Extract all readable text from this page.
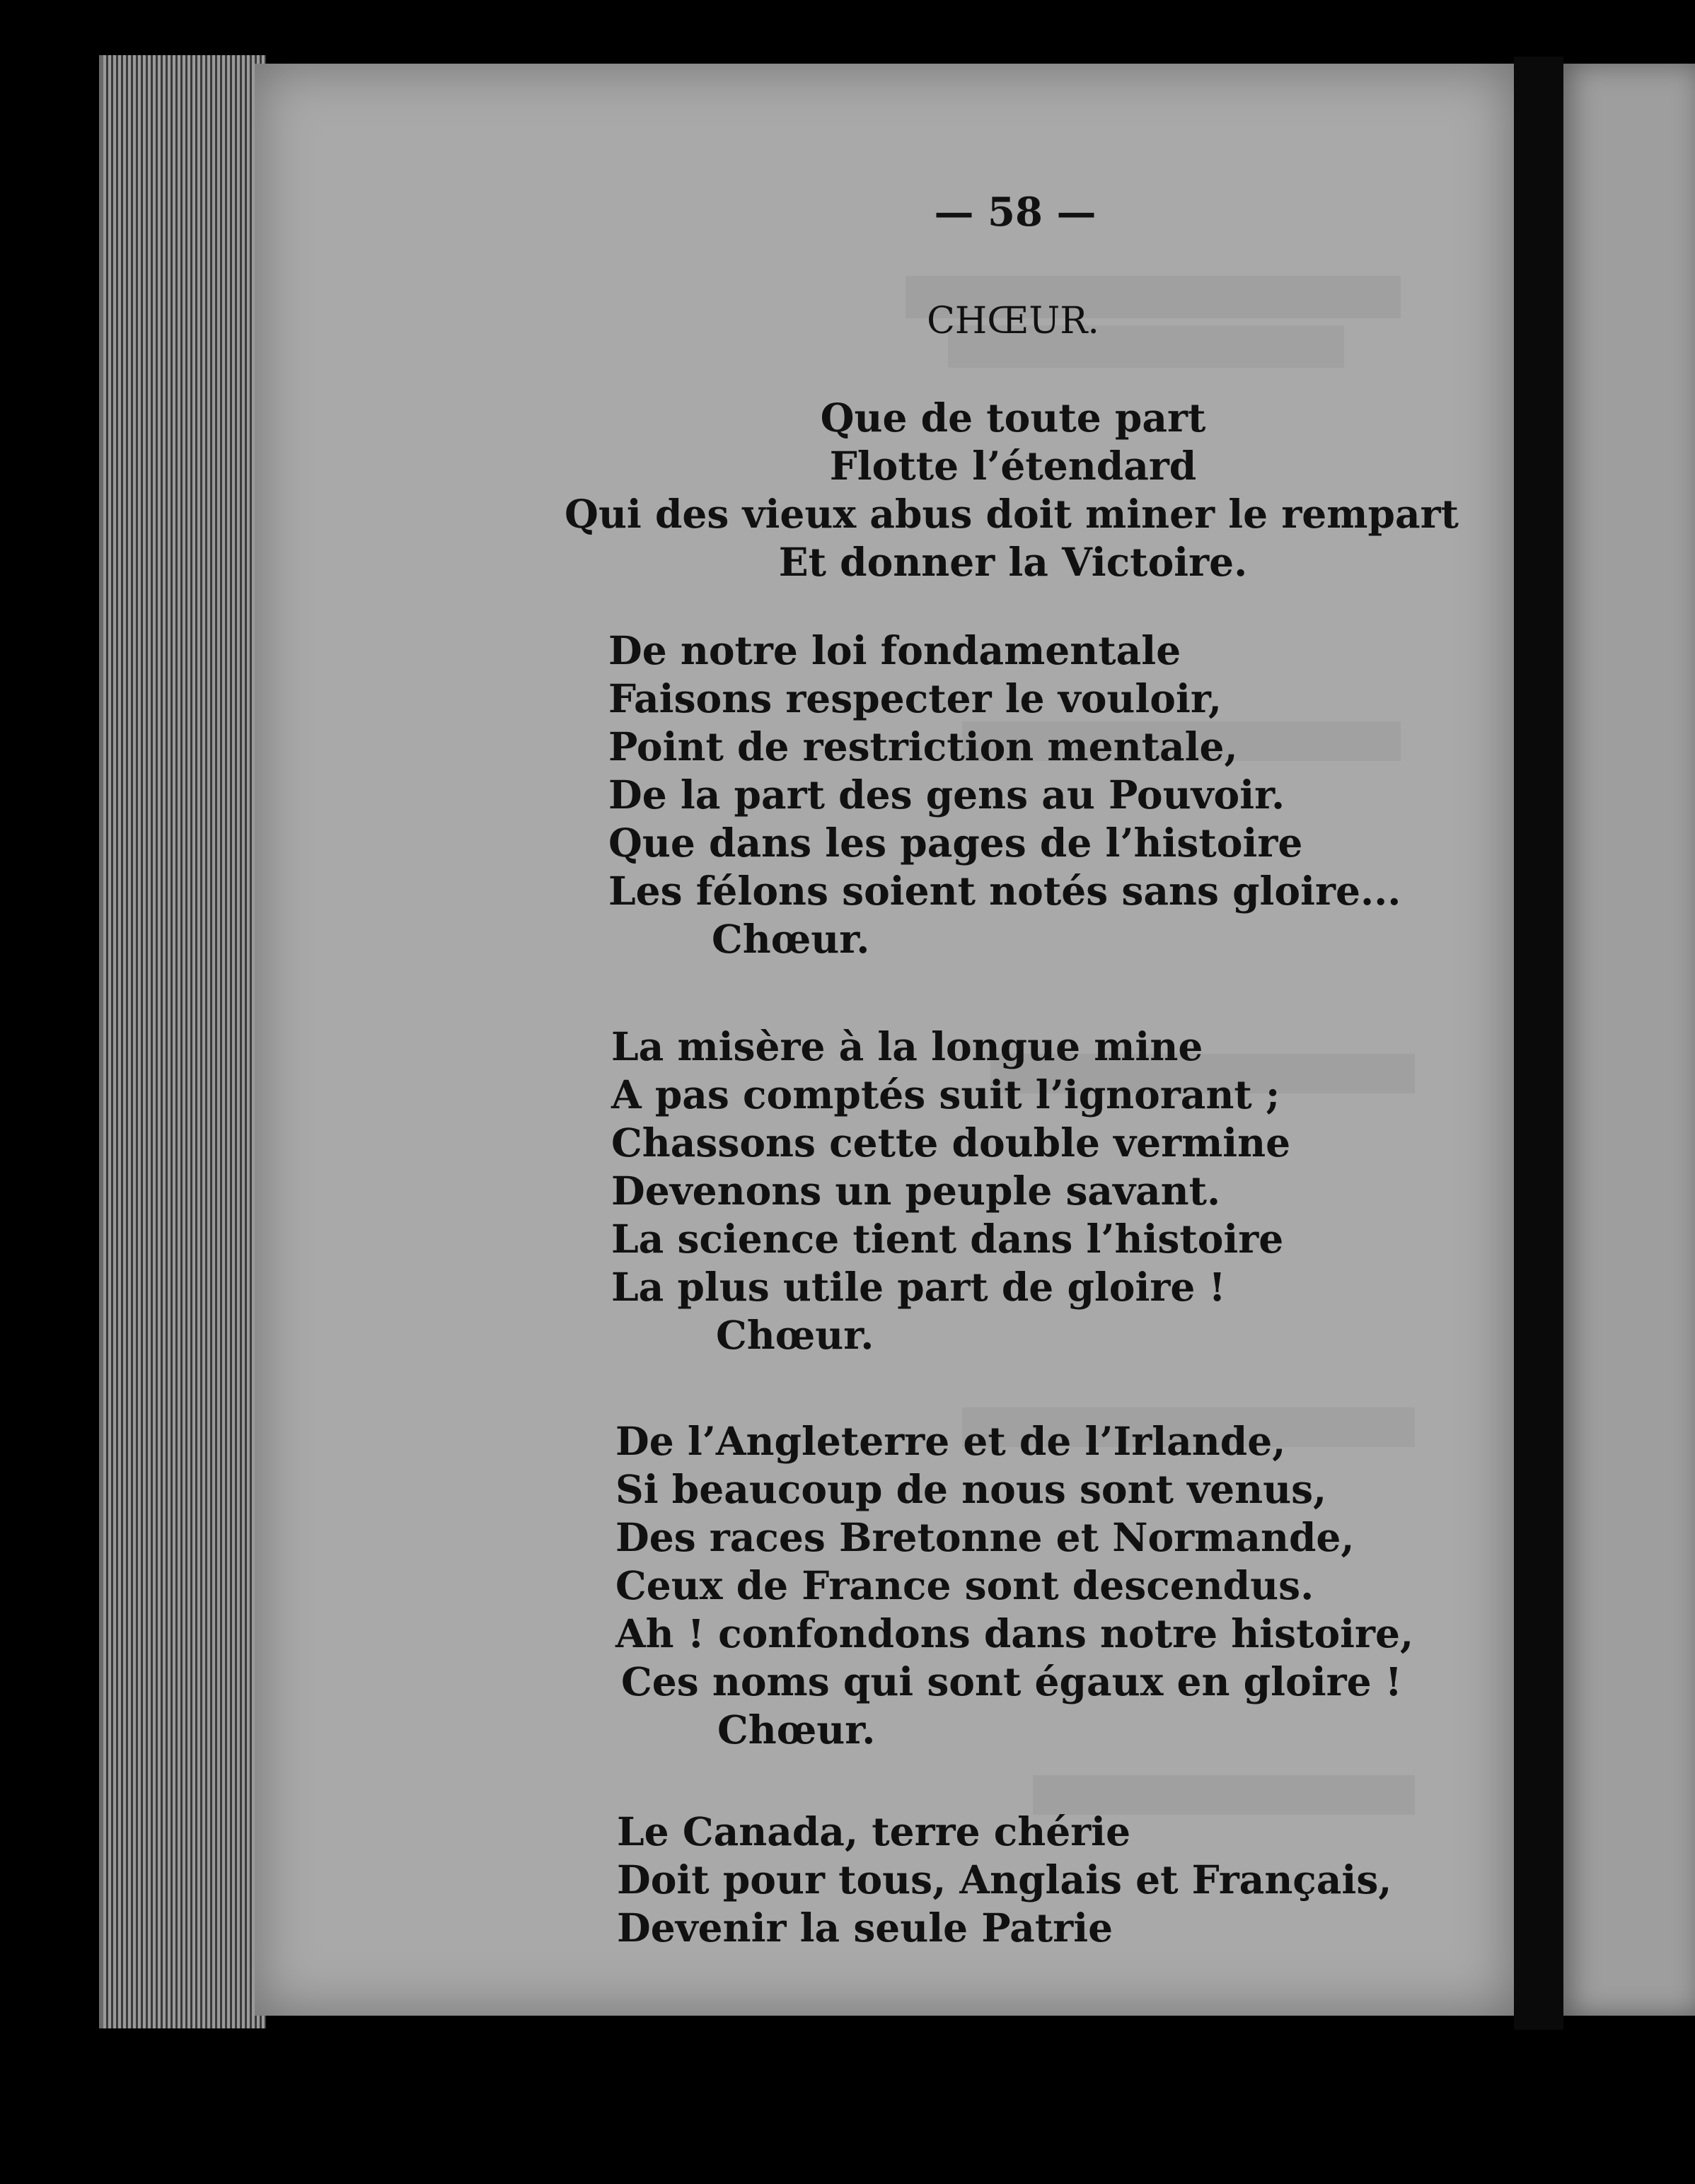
— 58 —
CHŒUR.
Que de toute part
Flotte l’étendard
Qui des vieux abus doit miner le rempart
Et donner la Victoire.
De notre loi fondamentale
Faisons respecter le vouloir,
Point de restriction mentale,
De la part des gens au Pouvoir.
Que dans les pages de l’histoire
Les félons soient notés sans gloire...
Chœur.
La misère à la longue mine
A pas comptés suit l’ignorant ;
Chassons cette double vermine
Devenons un peuple savant.
La science tient dans l’histoire
La plus utile part de gloire !
Chœur.
De l’Angleterre et de l’Irlande,
Si beaucoup de nous sont venus,
Des races Bretonne et Normande,
Ceux de France sont descendus.
Ah ! confondons dans notre histoire,
Ces noms qui sont égaux en gloire !
Chœur.
Le Canada, terre chérie
Doit pour tous, Anglais et Français,
Devenir la seule Patrie
